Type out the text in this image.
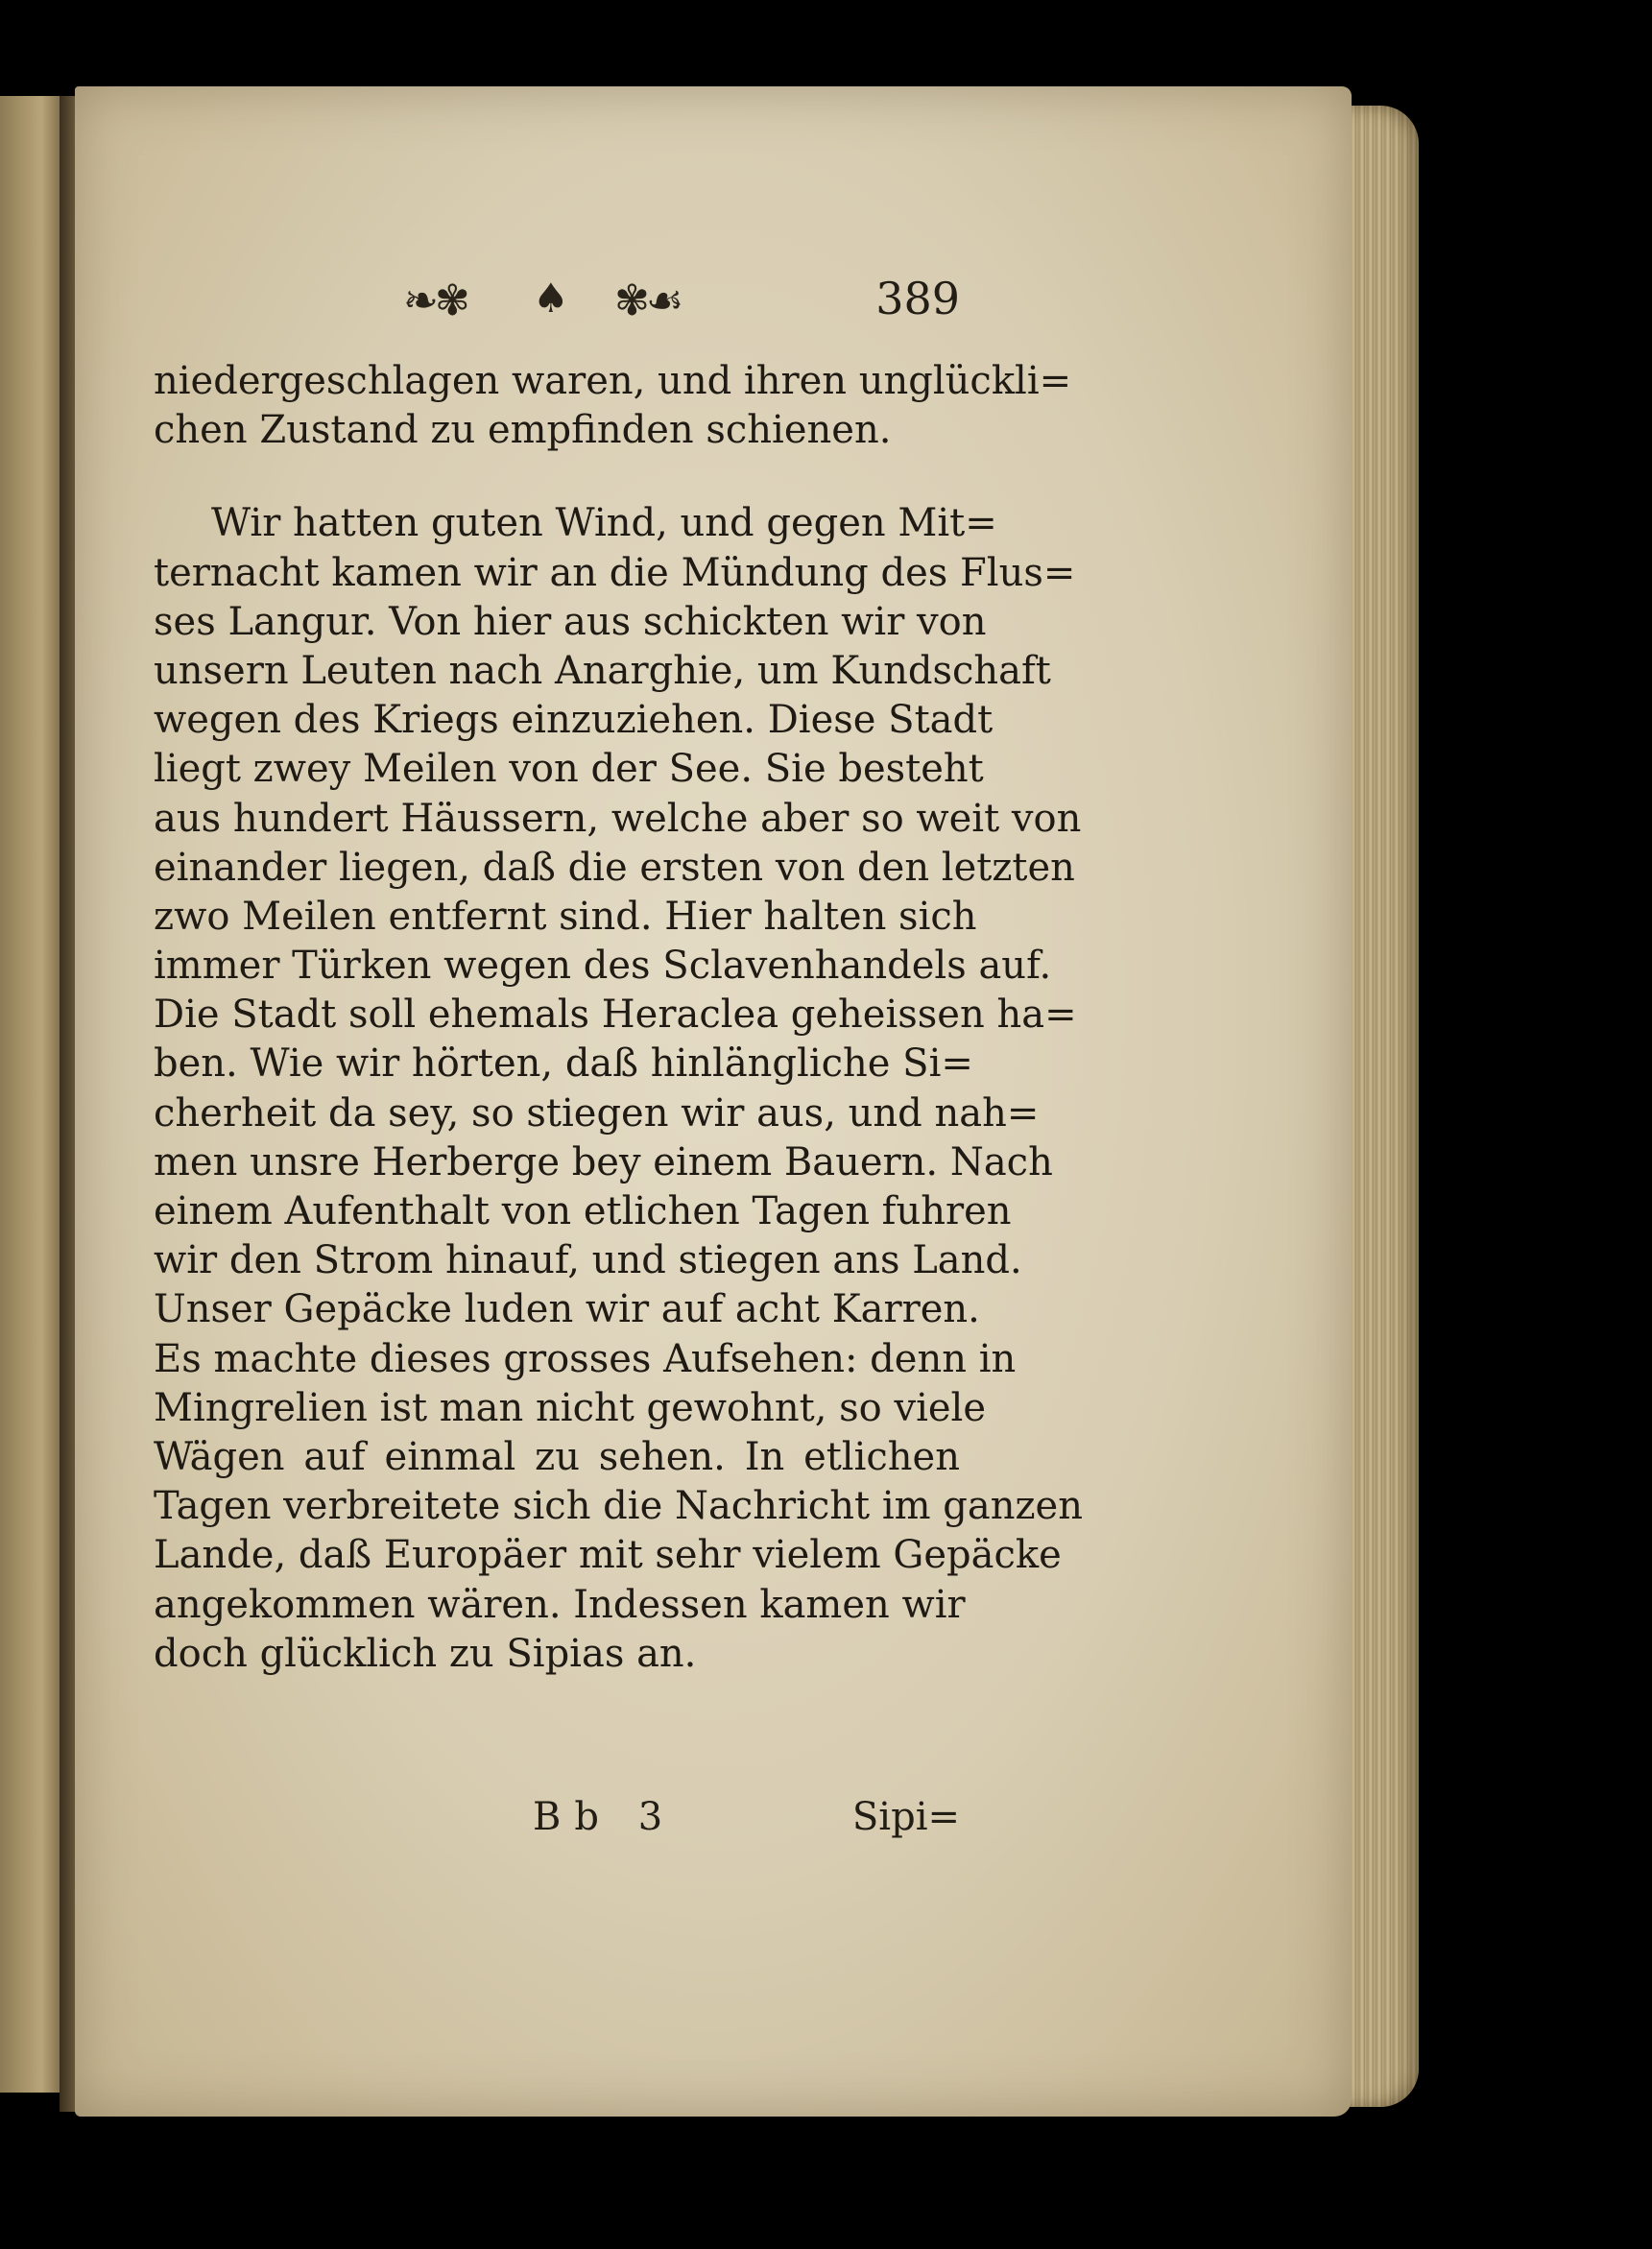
❧✾ ♠ ✾☙	389
niedergeschlagen waren, und ihren unglückli=
chen Zustand zu empfinden schienen.
Wir hatten guten Wind, und gegen Mit=
ternacht kamen wir an die Mündung des Flus=
ses Langur. Von hier aus schickten wir von
unsern Leuten nach Anarghie, um Kundschaft
wegen des Kriegs einzuziehen. Diese Stadt
liegt zwey Meilen von der See. Sie besteht
aus hundert Häussern, welche aber so weit von
einander liegen, daß die ersten von den letzten
zwo Meilen entfernt sind. Hier halten sich
immer Türken wegen des Sclavenhandels auf.
Die Stadt soll ehemals Heraclea geheissen ha=
ben. Wie wir hörten, daß hinlängliche Si=
cherheit da sey, so stiegen wir aus, und nah=
men unsre Herberge bey einem Bauern. Nach
einem Aufenthalt von etlichen Tagen fuhren
wir den Strom hinauf, und stiegen ans Land.
Unser Gepäcke luden wir auf acht Karren.
Es machte dieses grosses Aufsehen: denn in
Mingrelien ist man nicht gewohnt, so viele
Wägen auf einmal zu sehen. In etlichen
Tagen verbreitete sich die Nachricht im ganzen
Lande, daß Europäer mit sehr vielem Gepäcke
angekommen wären. Indessen kamen wir
doch glücklich zu Sipias an.
Bb 3	Sipi=
